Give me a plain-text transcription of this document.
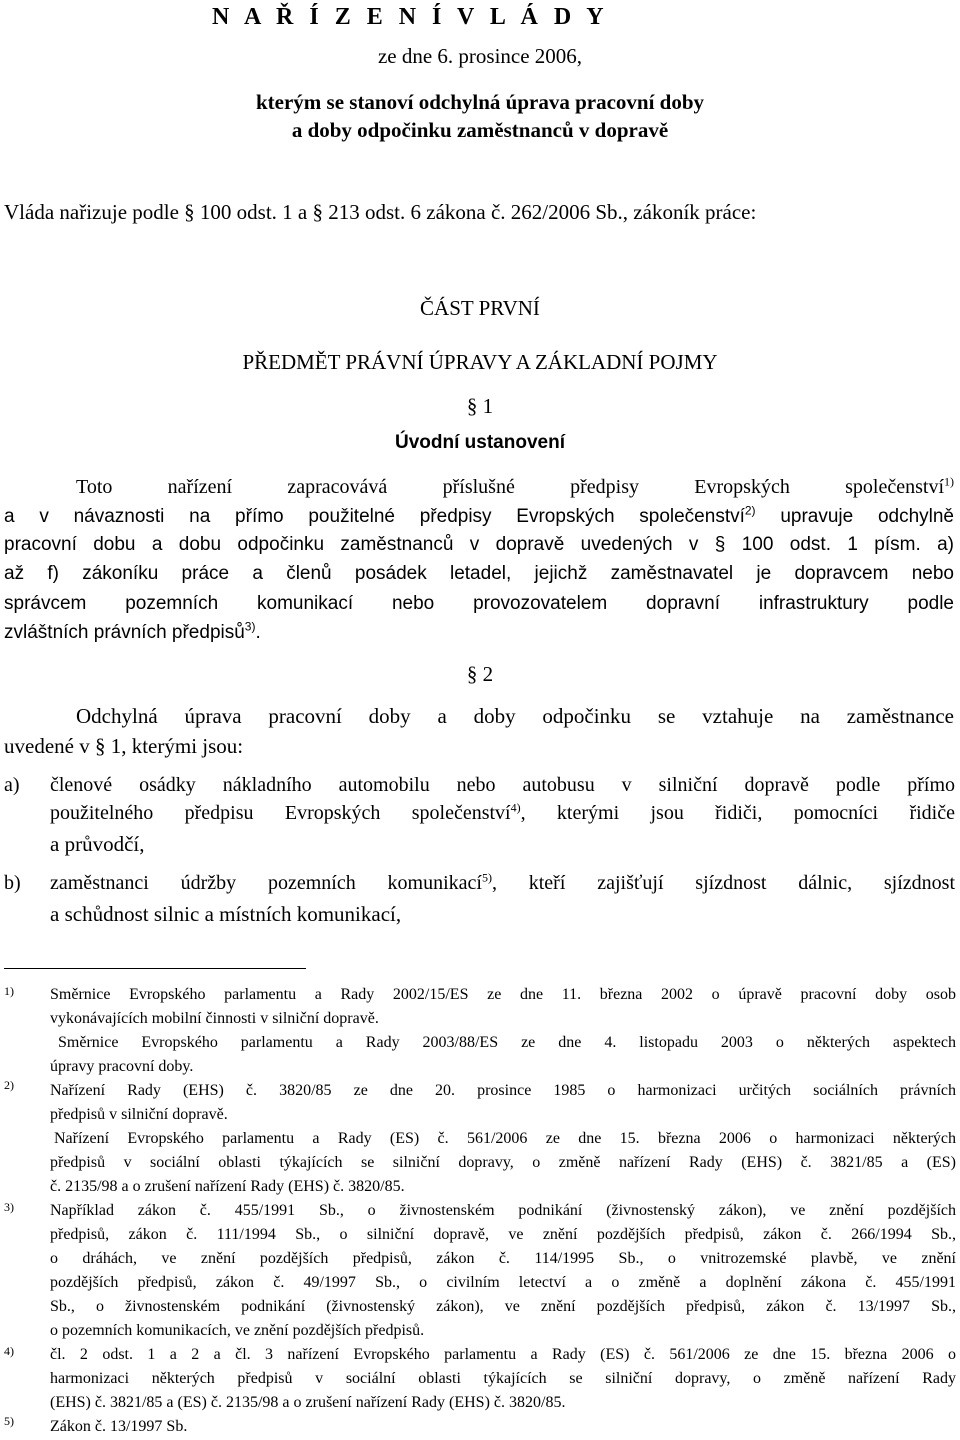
N A Ř Í Z E N Í V L Á D Y
ze dne 6. prosince 2006,
kterým se stanoví odchylná úprava pracovní doby
a doby odpočinku zaměstnanců v dopravě
Vláda nařizuje podle § 100 odst. 1 a § 213 odst. 6 zákona č. 262/2006 Sb., zákoník práce:
ČÁST PRVNÍ
PŘEDMĚT PRÁVNÍ ÚPRAVY A ZÁKLADNÍ POJMY
§ 1
Úvodní ustanovení
Toto nařízení zapracovává příslušné předpisy Evropských společenství$^{1)}$
a v návaznosti na přímo použitelné předpisy Evropských společenství$^{2)}$ upravuje odchylně
pracovní dobu a dobu odpočinku zaměstnanců v dopravě uvedených v § 100 odst. 1 písm. a)
až f) zákoníku práce a členů posádek letadel, jejichž zaměstnavatel je dopravcem nebo
správcem pozemních komunikací nebo provozovatelem dopravní infrastruktury podle
zvláštních právních předpisů$^{3)}$.
§ 2
Odchylná úprava pracovní doby a doby odpočinku se vztahuje na zaměstnance
uvedené v § 1, kterými jsou:
a) členové osádky nákladního automobilu nebo autobusu v silniční dopravě podle přímo
použitelného předpisu Evropských společenství$^{4)}$, kterými jsou řidiči, pomocníci řidiče
a průvodčí,
b) zaměstnanci údržby pozemních komunikací$^{5)}$, kteří zajišťují sjízdnost dálnic, sjízdnost
a schůdnost silnic a místních komunikací,
1) Směrnice Evropského parlamentu a Rady 2002/15/ES ze dne 11. března 2002 o úpravě pracovní doby osob
vykonávajících mobilní činnosti v silniční dopravě.
Směrnice Evropského parlamentu a Rady 2003/88/ES ze dne 4. listopadu 2003 o některých aspektech
úpravy pracovní doby.
2) Nařízení Rady (EHS) č. 3820/85 ze dne 20. prosince 1985 o harmonizaci určitých sociálních právních
předpisů v silniční dopravě.
Nařízení Evropského parlamentu a Rady (ES) č. 561/2006 ze dne 15. března 2006 o harmonizaci některých
předpisů v sociální oblasti týkajících se silniční dopravy, o změně nařízení Rady (EHS) č. 3821/85 a (ES)
č. 2135/98 a o zrušení nařízení Rady (EHS) č. 3820/85.
3) Například zákon č. 455/1991 Sb., o živnostenském podnikání (živnostenský zákon), ve znění pozdějších
předpisů, zákon č. 111/1994 Sb., o silniční dopravě, ve znění pozdějších předpisů, zákon č. 266/1994 Sb.,
o dráhách, ve znění pozdějších předpisů, zákon č. 114/1995 Sb., o vnitrozemské plavbě, ve znění
pozdějších předpisů, zákon č. 49/1997 Sb., o civilním letectví a o změně a doplnění zákona č. 455/1991
Sb., o živnostenském podnikání (živnostenský zákon), ve znění pozdějších předpisů, zákon č. 13/1997 Sb.,
o pozemních komunikacích, ve znění pozdějších předpisů.
4) čl. 2 odst. 1 a 2 a čl. 3 nařízení Evropského parlamentu a Rady (ES) č. 561/2006 ze dne 15. března 2006 o
harmonizaci některých předpisů v sociální oblasti týkajících se silniční dopravy, o změně nařízení Rady
(EHS) č. 3821/85 a (ES) č. 2135/98 a o zrušení nařízení Rady (EHS) č. 3820/85.
5) Zákon č. 13/1997 Sb.
